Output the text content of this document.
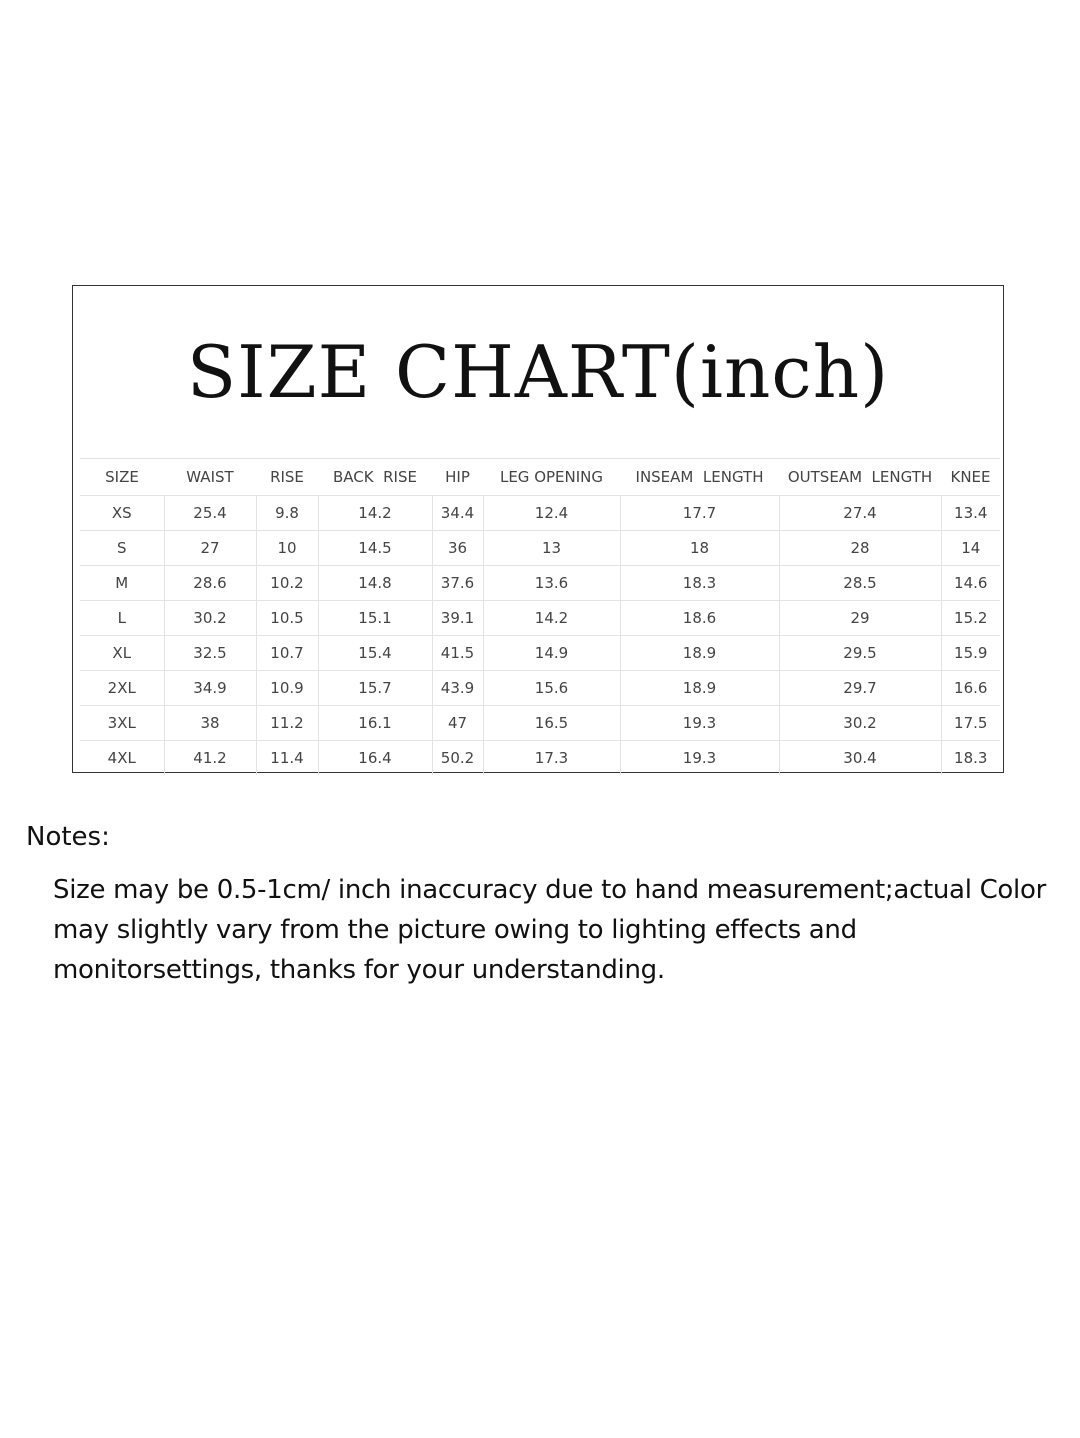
SIZE CHART(inch)
SIZE	WAIST	RISE	BACK  RISE	HIP	LEG OPENING	INSEAM  LENGTH	OUTSEAM  LENGTH	KNEE
XS	25.4	9.8	14.2	34.4	12.4	17.7	27.4	13.4
S	27	10	14.5	36	13	18	28	14
M	28.6	10.2	14.8	37.6	13.6	18.3	28.5	14.6
L	30.2	10.5	15.1	39.1	14.2	18.6	29	15.2
XL	32.5	10.7	15.4	41.5	14.9	18.9	29.5	15.9
2XL	34.9	10.9	15.7	43.9	15.6	18.9	29.7	16.6
3XL	38	11.2	16.1	47	16.5	19.3	30.2	17.5
4XL	41.2	11.4	16.4	50.2	17.3	19.3	30.4	18.3

Notes:

Size may be 0.5-1cm/ inch inaccuracy due to hand measurement;actual Color may slightly vary from the picture owing to lighting effects and monitorsettings, thanks for your understanding.
